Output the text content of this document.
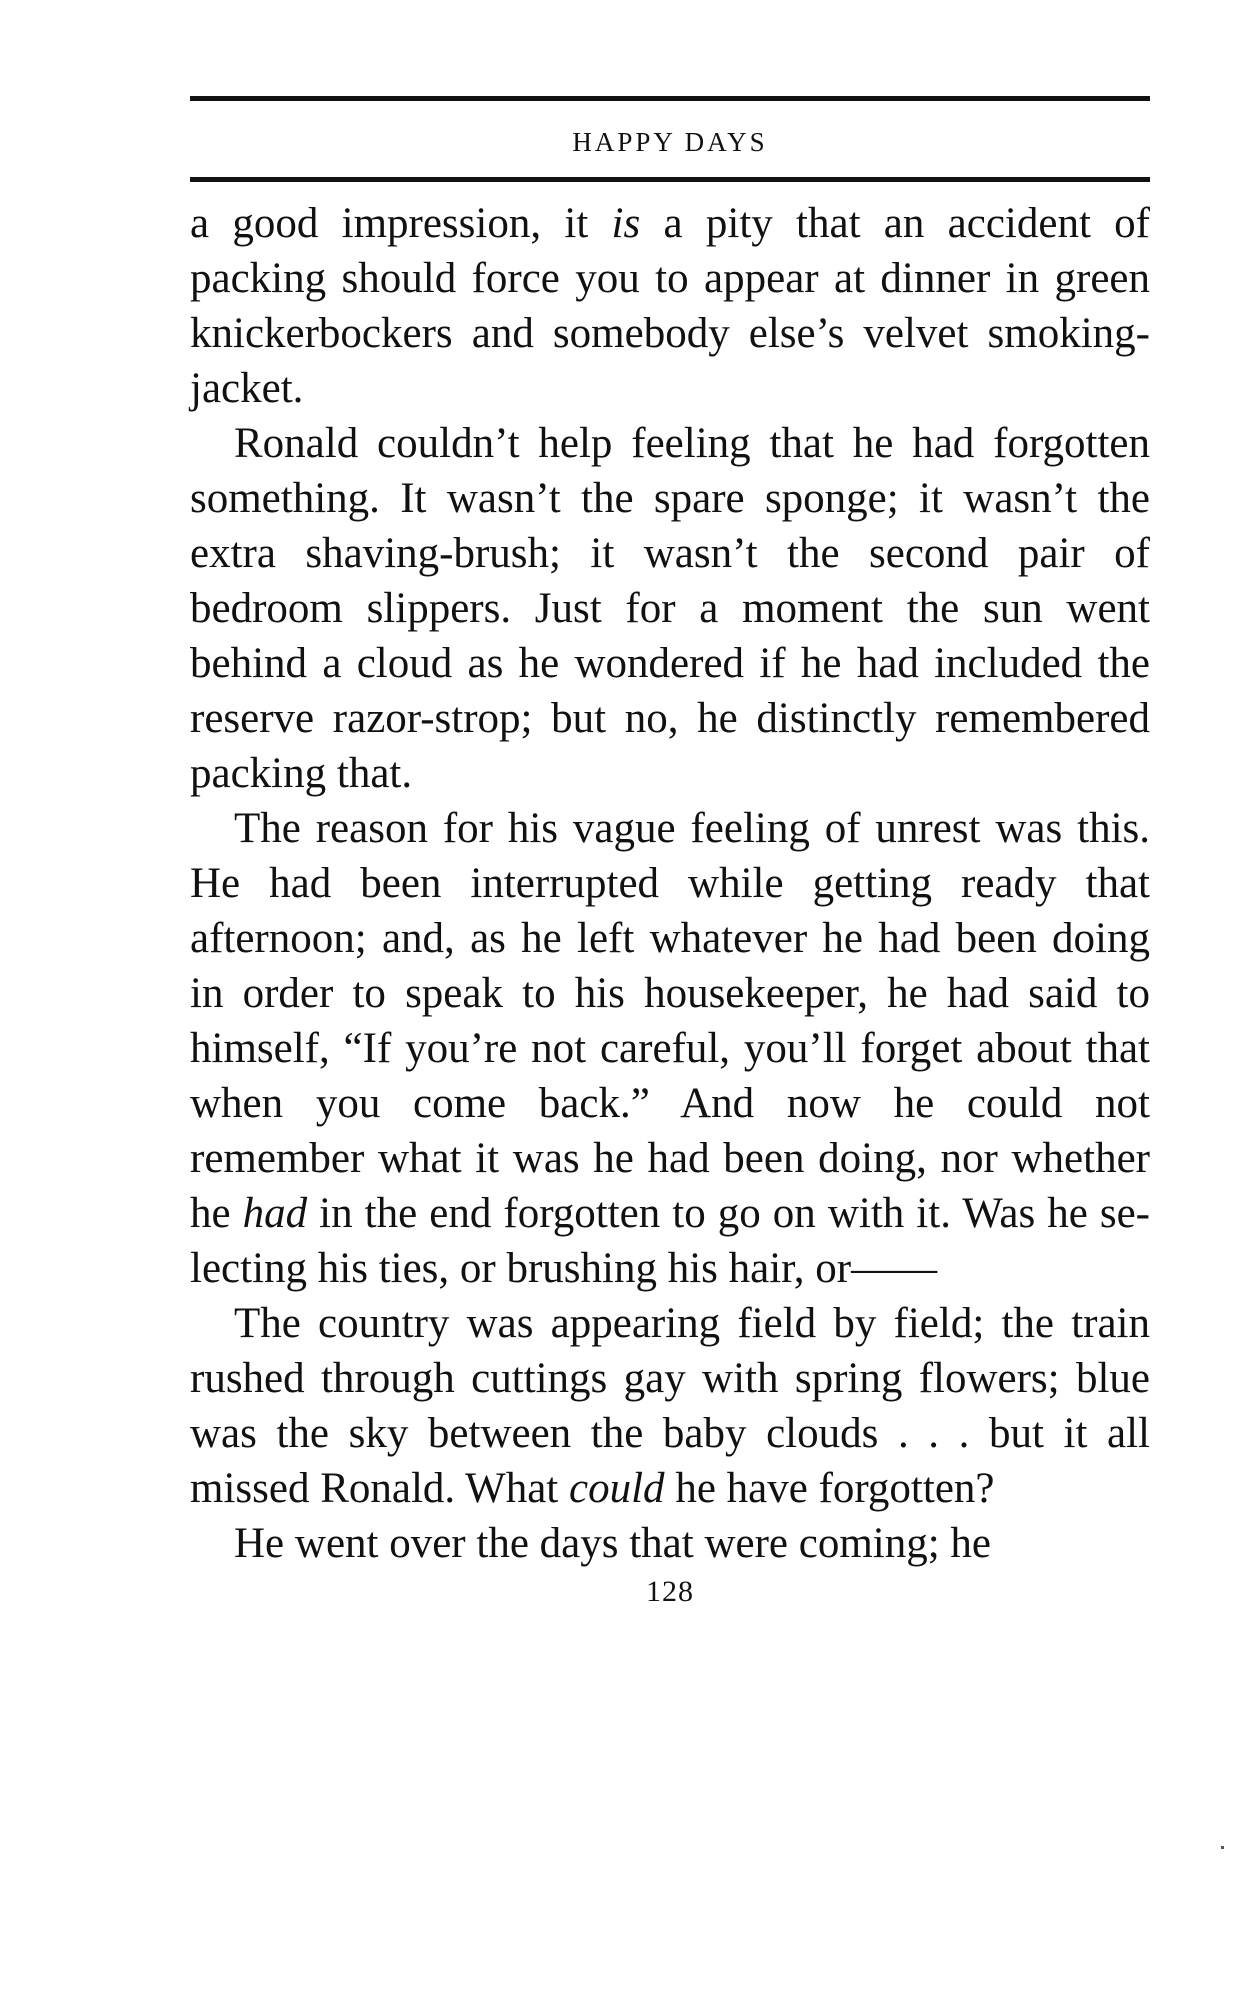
HAPPY DAYS

a good impression, it is a pity that an accident of packing should force you to appear at dinner in green knickerbockers and somebody else’s velvet smoking-jacket.

Ronald couldn’t help feeling that he had forgotten something. It wasn’t the spare sponge; it wasn’t the extra shaving-brush; it wasn’t the second pair of bedroom slippers. Just for a moment the sun went behind a cloud as he wondered if he had included the reserve razor-strop; but no, he distinctly remembered packing that.

The reason for his vague feeling of unrest was this. He had been interrupted while getting ready that afternoon; and, as he left whatever he had been doing in order to speak to his housekeeper, he had said to himself, “If you’re not careful, you’ll forget about that when you come back.” And now he could not remember what it was he had been doing, nor whether he had in the end forgotten to go on with it. Was he selecting his ties, or brushing his hair, or——

The country was appearing field by field; the train rushed through cuttings gay with spring flowers; blue was the sky between the baby clouds . . . but it all missed Ronald. What could he have forgotten?

He went over the days that were coming; he

128
